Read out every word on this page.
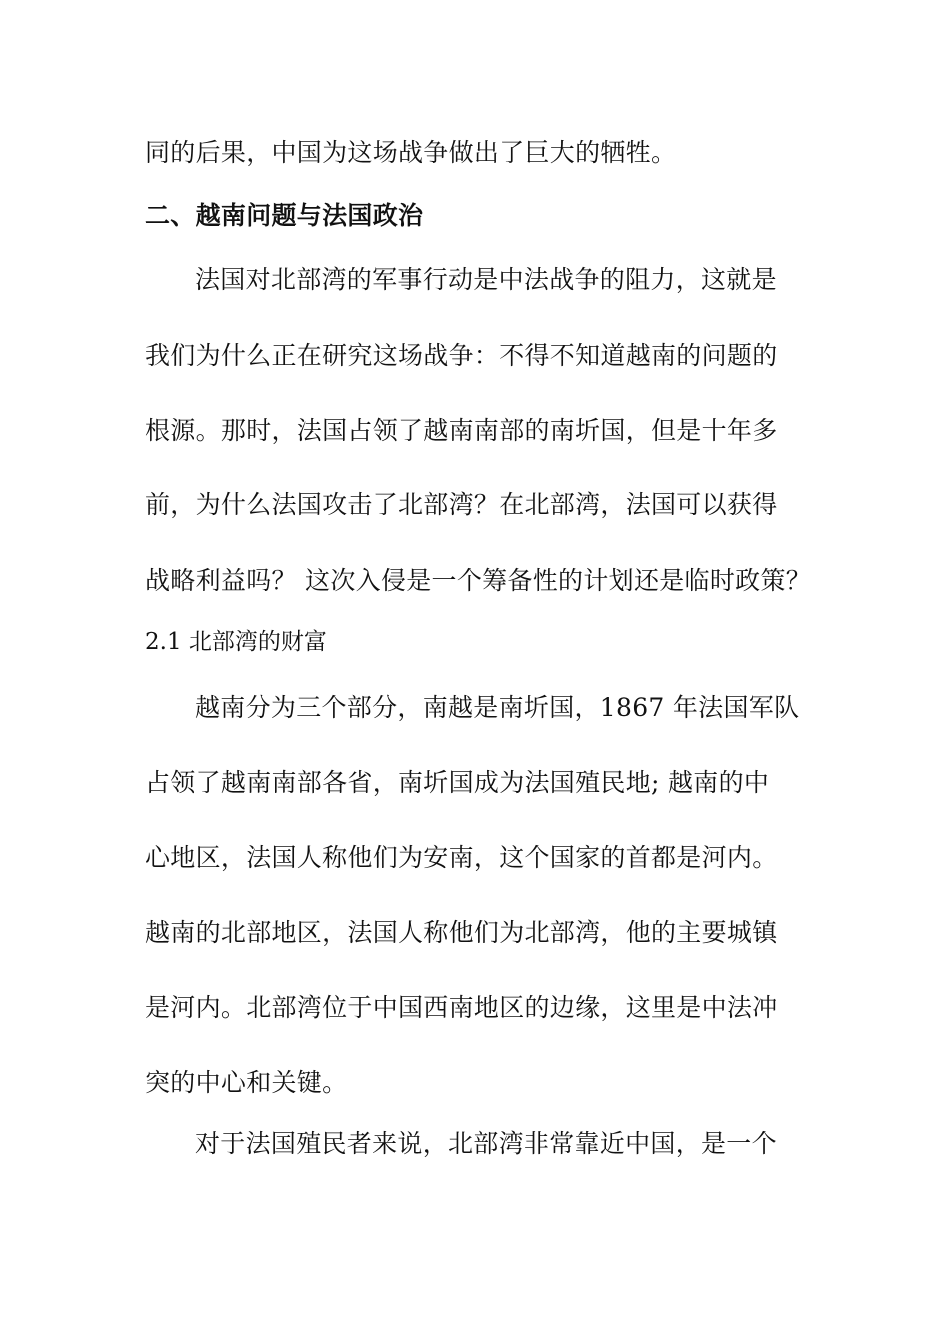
同的后果，中国为这场战争做出了巨大的牺牲。
二、越南问题与法国政治
法国对北部湾的军事行动是中法战争的阻力，这就是
我们为什么正在研究这场战争：不得不知道越南的问题的
根源。那时，法国占领了越南南部的南圻国，但是十年多
前，为什么法国攻击了北部湾？在北部湾，法国可以获得
战略利益吗？ 这次入侵是一个筹备性的计划还是临时政策？
2.1 北部湾的财富
越南分为三个部分，南越是南圻国，1867 年法国军队
占领了越南南部各省，南圻国成为法国殖民地; 越南的中
心地区，法国人称他们为安南，这个国家的首都是河内。
越南的北部地区，法国人称他们为北部湾，他的主要城镇
是河内。北部湾位于中国西南地区的边缘，这里是中法冲
突的中心和关键。
对于法国殖民者来说，北部湾非常靠近中国，是一个
